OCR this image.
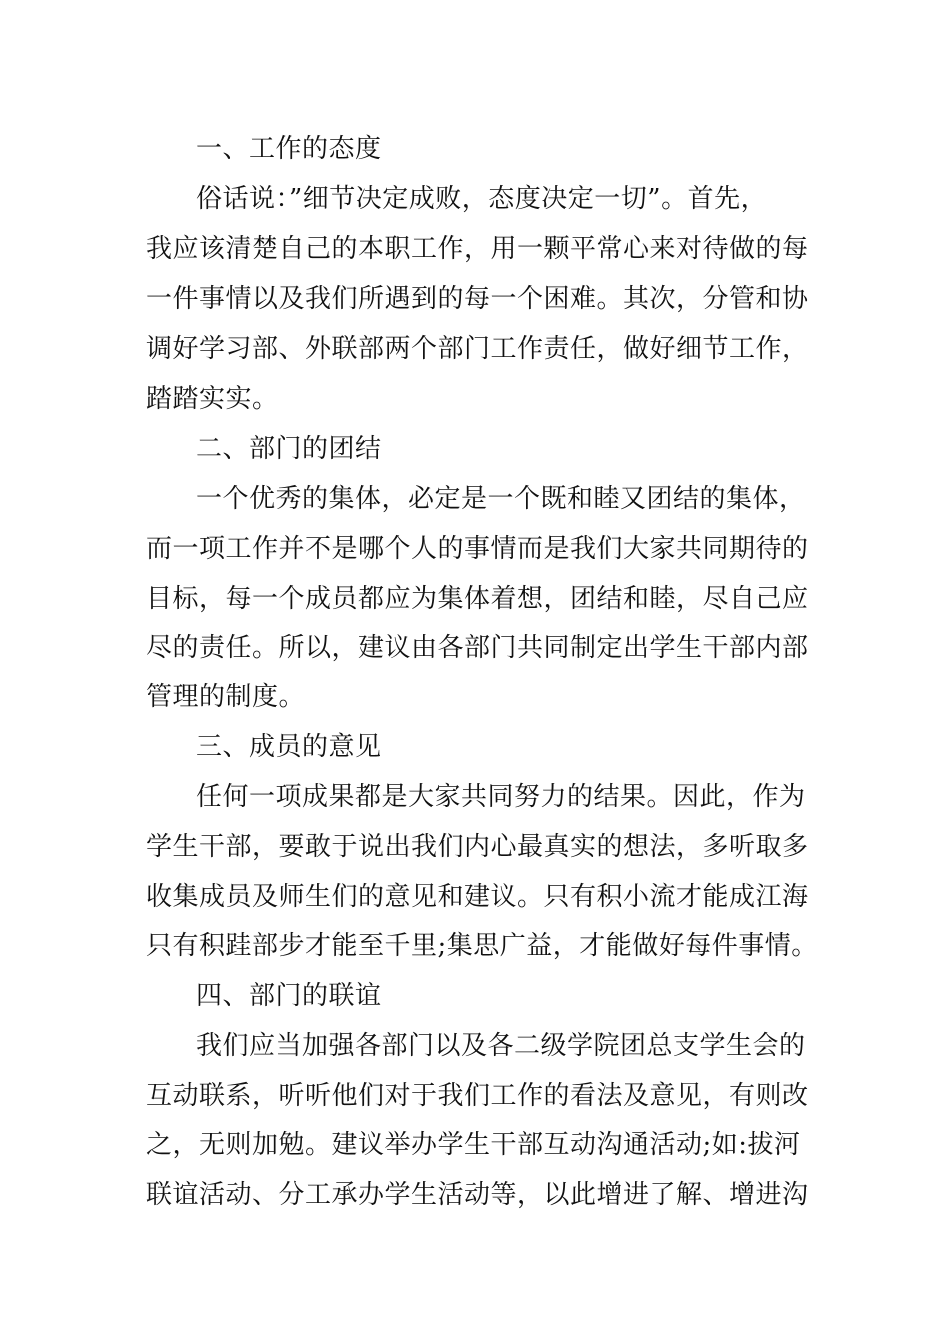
一、工作的态度
俗话说：”细节决定成败，态度决定一切”。首先，
我应该清楚自己的本职工作，用一颗平常心来对待做的每
一件事情以及我们所遇到的每一个困难。其次，分管和协
调好学习部、外联部两个部门工作责任，做好细节工作，
踏踏实实。
二、部门的团结
一个优秀的集体，必定是一个既和睦又团结的集体，
而一项工作并不是哪个人的事情而是我们大家共同期待的
目标，每一个成员都应为集体着想，团结和睦，尽自己应
尽的责任。所以，建议由各部门共同制定出学生干部内部
管理的制度。
三、成员的意见
任何一项成果都是大家共同努力的结果。因此，作为
学生干部，要敢于说出我们内心最真实的想法，多听取多
收集成员及师生们的意见和建议。只有积小流才能成江海
只有积跬部步才能至千里;集思广益，才能做好每件事情。
四、部门的联谊
我们应当加强各部门以及各二级学院团总支学生会的
互动联系，听听他们对于我们工作的看法及意见，有则改
之，无则加勉。建议举办学生干部互动沟通活动;如:拔河
联谊活动、分工承办学生活动等，以此增进了解、增进沟
